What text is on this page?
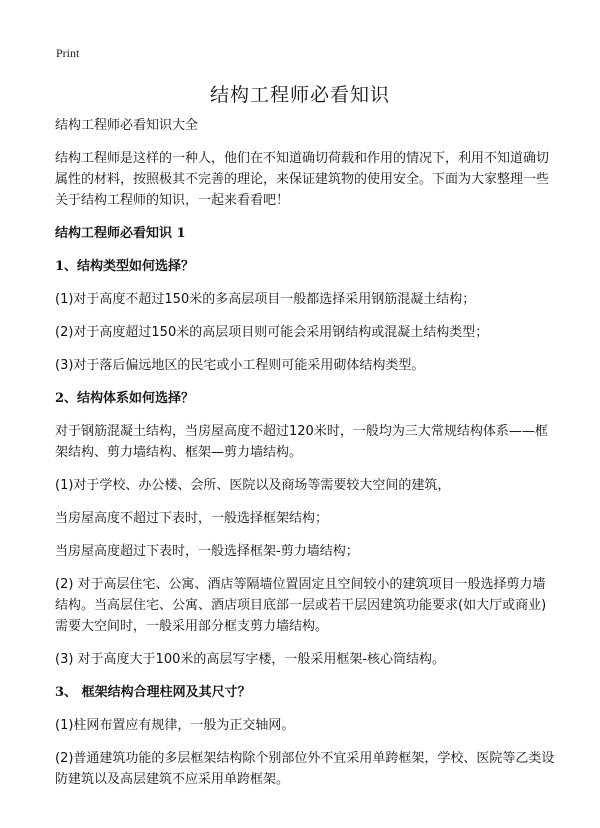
Print
结构工程师必看知识

结构工程师必看知识大全

结构工程师是这样的一种人，他们在不知道确切荷载和作用的情况下，利用不知道确切属性的材料，按照极其不完善的理论，来保证建筑物的使用安全。下面为大家整理一些关于结构工程师的知识，一起来看看吧！

结构工程师必看知识 1

1、结构类型如何选择？

(1)对于高度不超过150米的多高层项目一般都选择采用钢筋混凝土结构；

(2)对于高度超过150米的高层项目则可能会采用钢结构或混凝土结构类型；

(3)对于落后偏远地区的民宅或小工程则可能采用砌体结构类型。

2、结构体系如何选择？

对于钢筋混凝土结构，当房屋高度不超过120米时，一般均为三大常规结构体系——框架结构、剪力墙结构、框架—剪力墙结构。

(1)对于学校、办公楼、会所、医院以及商场等需要较大空间的建筑，

当房屋高度不超过下表时，一般选择框架结构；

当房屋高度超过下表时，一般选择框架-剪力墙结构；

(2) 对于高层住宅、公寓、酒店等隔墙位置固定且空间较小的建筑项目一般选择剪力墙结构。当高层住宅、公寓、酒店项目底部一层或若干层因建筑功能要求(如大厅或商业)需要大空间时，一般采用部分框支剪力墙结构。

(3) 对于高度大于100米的高层写字楼，一般采用框架-核心筒结构。

3、 框架结构合理柱网及其尺寸？

(1)柱网布置应有规律，一般为正交轴网。

(2)普通建筑功能的多层框架结构除个别部位外不宜采用单跨框架，学校、医院等乙类设防建筑以及高层建筑不应采用单跨框架。
